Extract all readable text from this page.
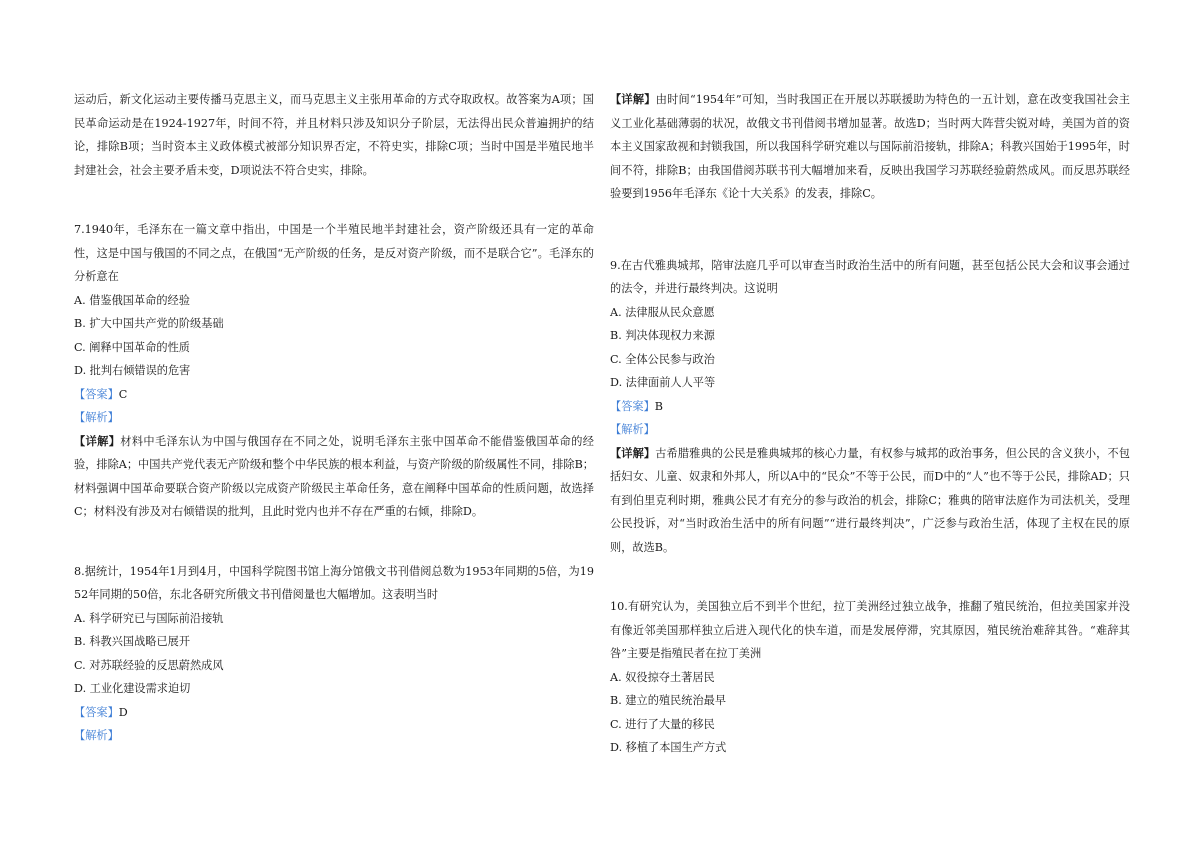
运动后，新文化运动主要传播马克思主义，而马克思主义主张用革命的方式夺取政权。故答案为A项；国民革命运动是在1924-1927年，时间不符，并且材料只涉及知识分子阶层，无法得出民众普遍拥护的结论，排除B项；当时资本主义政体模式被部分知识界否定，不符史实，排除C项；当时中国是半殖民地半封建社会，社会主要矛盾未变，D项说法不符合史实，排除。

7.1940年，毛泽东在一篇文章中指出，中国是一个半殖民地半封建社会，资产阶级还具有一定的革命性，这是中国与俄国的不同之点，在俄国“无产阶级的任务，是反对资产阶级，而不是联合它”。毛泽东的分析意在

A. 借鉴俄国革命的经验

B. 扩大中国共产党的阶级基础

C. 阐释中国革命的性质

D. 批判右倾错误的危害

【答案】C

【解析】

【详解】材料中毛泽东认为中国与俄国存在不同之处，说明毛泽东主张中国革命不能借鉴俄国革命的经验，排除A；中国共产党代表无产阶级和整个中华民族的根本利益，与资产阶级的阶级属性不同，排除B；材料强调中国革命要联合资产阶级以完成资产阶级民主革命任务，意在阐释中国革命的性质问题，故选择C；材料没有涉及对右倾错误的批判，且此时党内也并不存在严重的右倾，排除D。

8.据统计，1954年1月到4月，中国科学院图书馆上海分馆俄文书刊借阅总数为1953年同期的5倍，为1952年同期的50倍，东北各研究所俄文书刊借阅量也大幅增加。这表明当时

A. 科学研究已与国际前沿接轨

B. 科教兴国战略已展开

C. 对苏联经验的反思蔚然成风

D. 工业化建设需求迫切

【答案】D

【解析】

【详解】由时间“1954年”可知，当时我国正在开展以苏联援助为特色的一五计划，意在改变我国社会主义工业化基础薄弱的状况，故俄文书刊借阅书增加显著。故选D；当时两大阵营尖锐对峙，美国为首的资本主义国家敌视和封锁我国，所以我国科学研究难以与国际前沿接轨，排除A；科教兴国始于1995年，时间不符，排除B；由我国借阅苏联书刊大幅增加来看，反映出我国学习苏联经验蔚然成风。而反思苏联经验要到1956年毛泽东《论十大关系》的发表，排除C。

9.在古代雅典城邦，陪审法庭几乎可以审查当时政治生活中的所有问题，甚至包括公民大会和议事会通过的法令，并进行最终判决。这说明

A. 法律服从民众意愿

B. 判决体现权力来源

C. 全体公民参与政治

D. 法律面前人人平等

【答案】B

【解析】

【详解】古希腊雅典的公民是雅典城邦的核心力量，有权参与城邦的政治事务，但公民的含义狭小，不包括妇女、儿童、奴隶和外邦人，所以A中的“民众”不等于公民，而D中的“人”也不等于公民，排除AD；只有到伯里克利时期，雅典公民才有充分的参与政治的机会，排除C；雅典的陪审法庭作为司法机关，受理公民投诉，对“当时政治生活中的所有问题”“进行最终判决”，广泛参与政治生活，体现了主权在民的原则，故选B。

10.有研究认为，美国独立后不到半个世纪，拉丁美洲经过独立战争，推翻了殖民统治，但拉美国家并没有像近邻美国那样独立后进入现代化的快车道，而是发展停滞，究其原因，殖民统治难辞其咎。“难辞其咎”主要是指殖民者在拉丁美洲

A. 奴役掠夺土著居民

B. 建立的殖民统治最早

C. 进行了大量的移民

D. 移植了本国生产方式
